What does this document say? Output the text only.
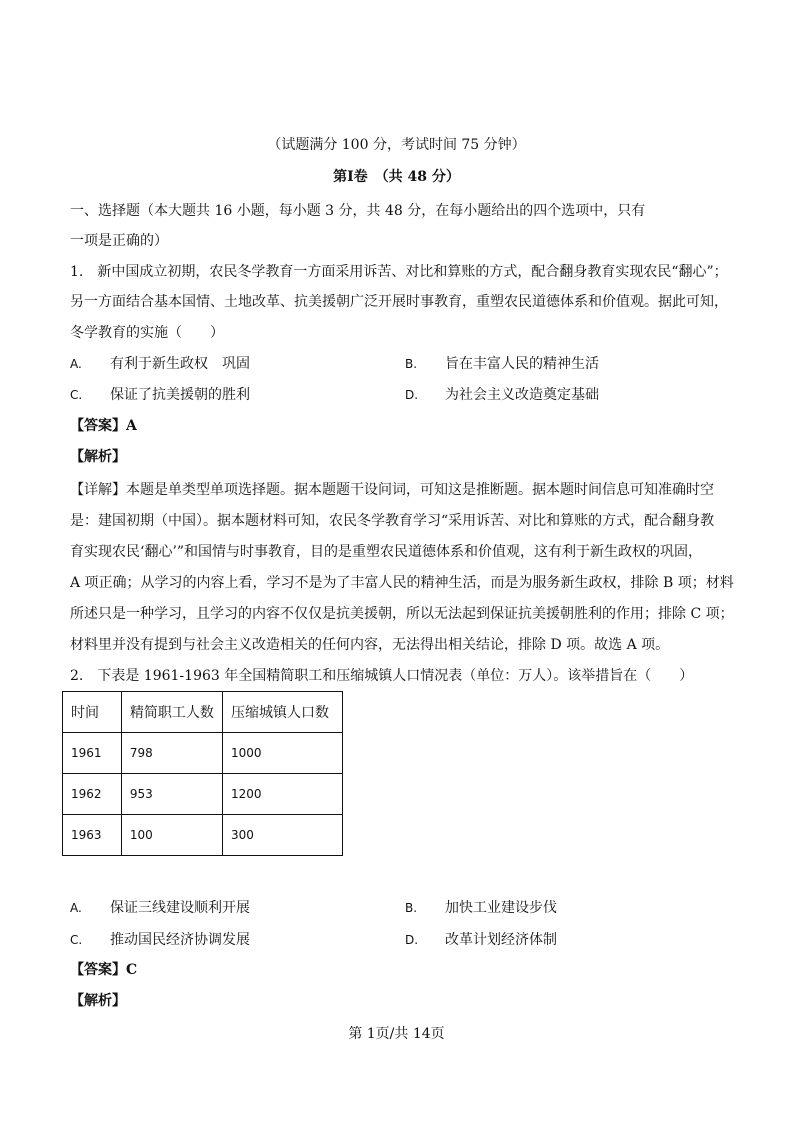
（试题满分 100 分，考试时间 75 分钟）
第Ⅰ卷　（共 48 分）
一、选择题（本大题共 16 小题，每小题 3 分，共 48 分，在每小题给出的四个选项中，只有
一项是正确的）
1.　新中国成立初期，农民冬学教育一方面采用诉苦、对比和算账的方式，配合翻身教育实现农民“翻心”；
另一方面结合基本国情、土地改革、抗美援朝广泛开展时事教育，重塑农民道德体系和价值观。据此可知，
冬学教育的实施（　　）
A. 有利于新生政权　巩固	B. 旨在丰富人民的精神生活
C. 保证了抗美援朝的胜利	D. 为社会主义改造奠定基础
【答案】A
【解析】
【详解】本题是单类型单项选择题。据本题题干设问词，可知这是推断题。据本题时间信息可知准确时空
是：建国初期（中国）。据本题材料可知，农民冬学教育学习“采用诉苦、对比和算账的方式，配合翻身教
育实现农民‘翻心’”和国情与时事教育，目的是重塑农民道德体系和价值观，这有利于新生政权的巩固，
A 项正确；从学习的内容上看，学习不是为了丰富人民的精神生活，而是为服务新生政权，排除 B 项；材料
所述只是一种学习，且学习的内容不仅仅是抗美援朝，所以无法起到保证抗美援朝胜利的作用；排除 C 项；
材料里并没有提到与社会主义改造相关的任何内容，无法得出相关结论，排除 D 项。故选 A 项。
2.　下表是 1961-1963 年全国精简职工和压缩城镇人口情况表（单位：万人）。该举措旨在（　　）
时间	精简职工人数	压缩城镇人口数
1961	798	1000
1962	953	1200
1963	100	300
A. 保证三线建设顺利开展	B. 加快工业建设步伐
C. 推动国民经济协调发展	D. 改革计划经济体制
【答案】C
【解析】
第 1页/共 14页
